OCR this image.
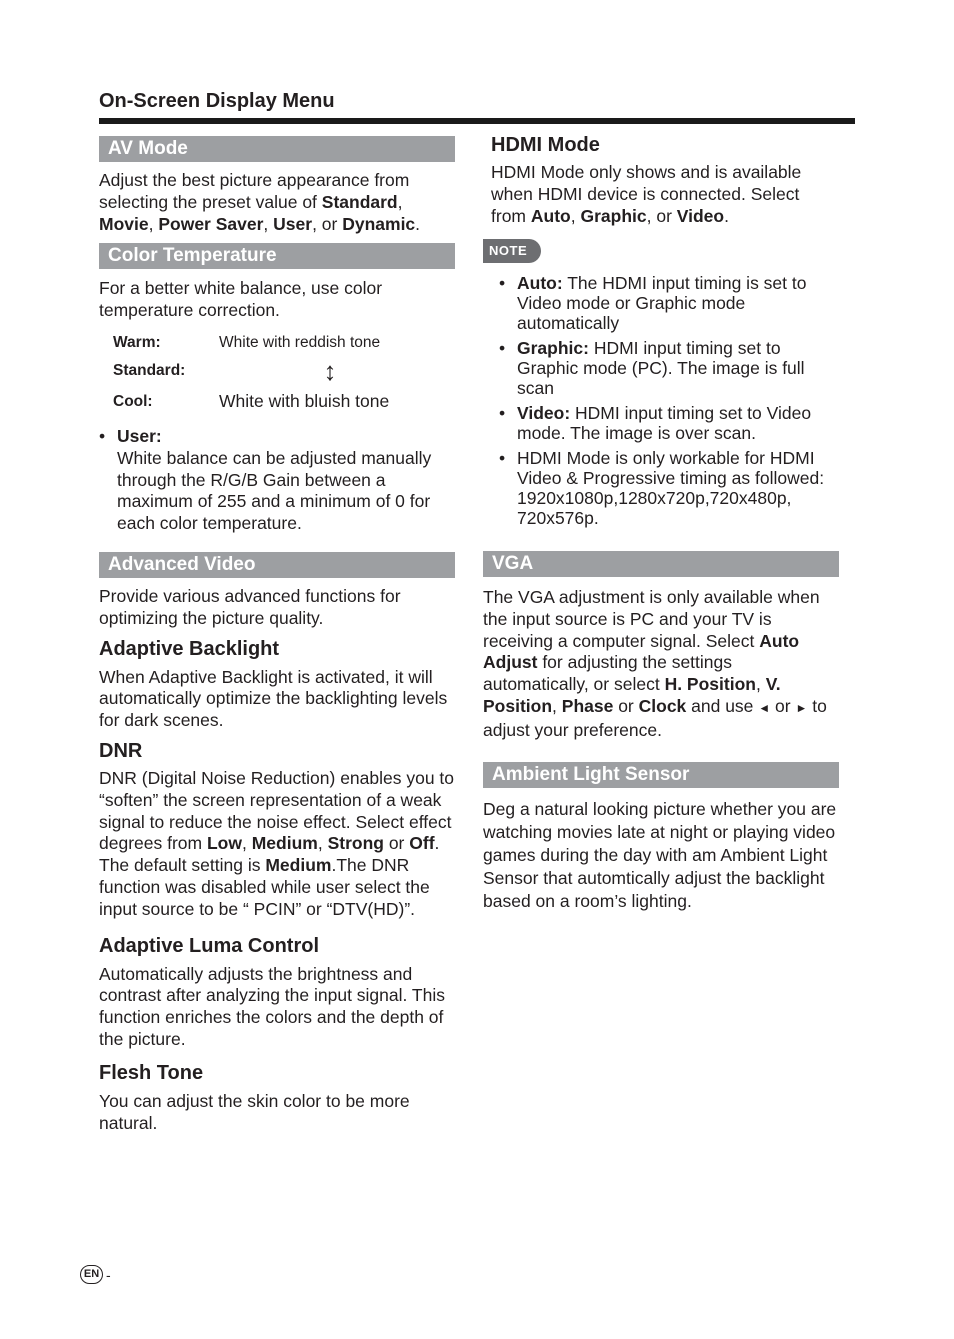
On-Screen Display Menu
AV Mode

Adjust the best picture appearance from selecting the preset value of Standard, Movie, Power Saver, User, or Dynamic.

Color Temperature

For a better white balance, use color temperature correction.

Warm:	White with reddish tone
Standard:	↕
Cool:	White with bluish tone
• User:
White balance can be adjusted manually through the R/G/B Gain between a maximum of 255 and a minimum of 0 for each color temperature.
Advanced Video

Provide various advanced functions for optimizing the picture quality.

Adaptive Backlight

When Adaptive Backlight is activated, it will automatically optimize the backlighting levels for dark scenes.

DNR

DNR (Digital Noise Reduction) enables you to “soften” the screen representation of a weak signal to reduce the noise effect. Select effect degrees from Low, Medium, Strong or Off. The default setting is Medium.The DNR function was disabled while user select the input source to be “ PCIN” or “DTV(HD)”.

Adaptive Luma Control

Automatically adjusts the brightness and contrast after analyzing the input signal. This function enriches the colors and the depth of the picture.

Flesh Tone

You can adjust the skin color to be more natural.

HDMI Mode

HDMI Mode only shows and is available when HDMI device is connected. Select from Auto, Graphic, or Video.

NOTE
• Auto: The HDMI input timing is set to Video mode or Graphic mode automatically
• Graphic: HDMI input timing set to Graphic mode (PC). The image is full scan
• Video: HDMI input timing set to Video mode. The image is over scan.
• HDMI Mode is only workable for HDMI Video & Progressive timing as followed: 1920x1080p,1280x720p,720x480p, 720x576p.
VGA

The VGA adjustment is only available when the input source is PC and your TV is receiving a computer signal. Select Auto Adjust for adjusting the settings automatically, or select H. Position, V. Position, Phase or Clock and use ◄ or ► to adjust your preference.

Ambient Light Sensor

Deg a natural looking picture whether you are watching movies late at night or playing video games during the day with am Ambient Light Sensor that automtically adjust the backlight based on a room’s lighting.

EN -
